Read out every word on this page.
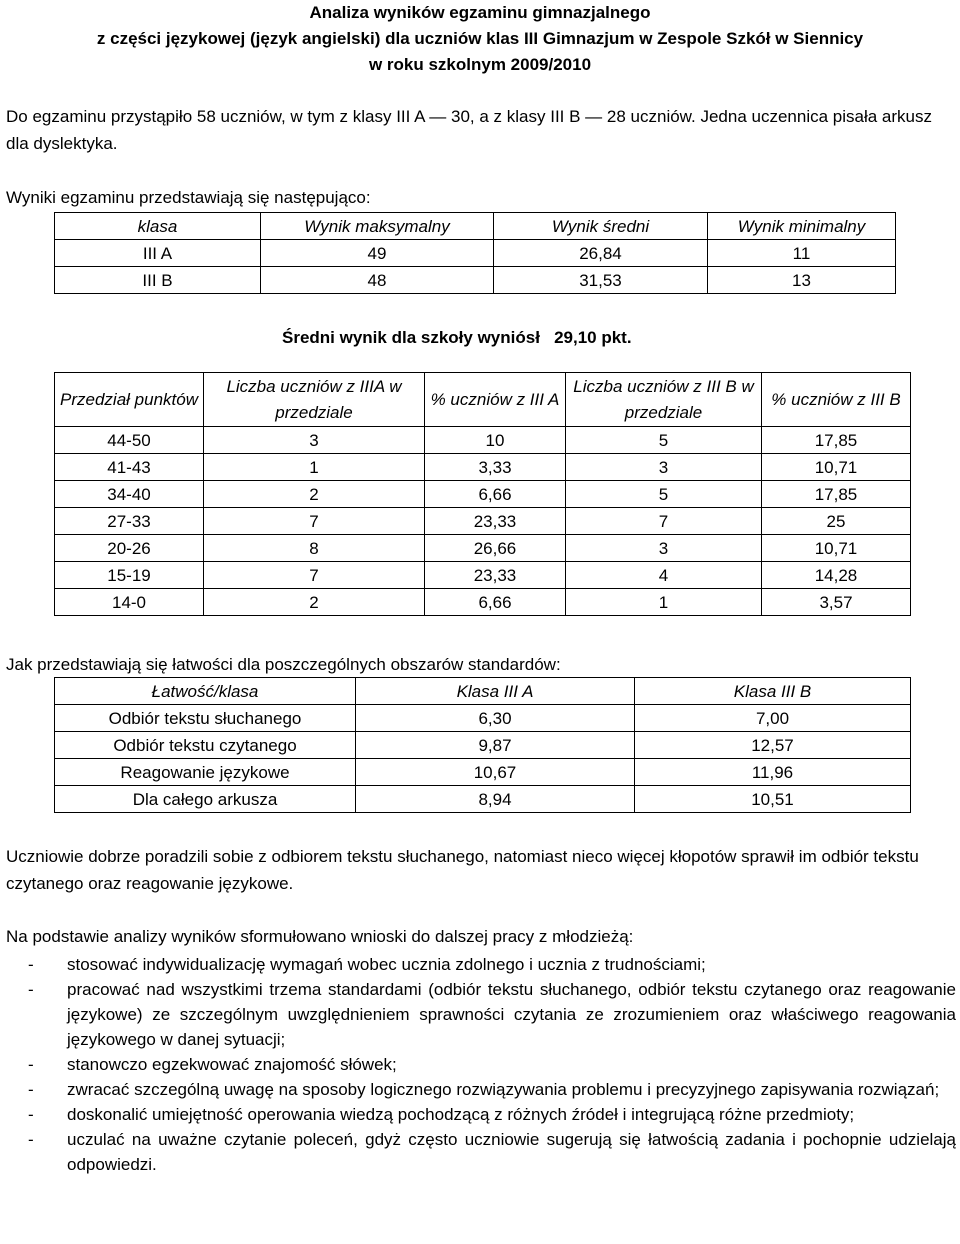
Analiza wyników egzaminu gimnazjalnego
z części językowej (język angielski) dla uczniów klas III Gimnazjum w Zespole Szkół w Siennicy
w roku szkolnym 2009/2010
Do egzaminu przystąpiło 58 uczniów, w tym z klasy III A — 30, a z klasy III B — 28 uczniów. Jedna uczennica pisała arkusz dla dyslektyka.
Wyniki egzaminu przedstawiają się następująco:
klasa	Wynik maksymalny	Wynik średni	Wynik minimalny
III A	49	26,84	11
III B	48	31,53	13
Średni wynik dla szkoły wyniósł   29,10 pkt.
Przedział punktów	Liczba uczniów z IIIA w przedziale	% uczniów z III A	Liczba uczniów z III B w przedziale	% uczniów z III B
44-50	3	10	5	17,85
41-43	1	3,33	3	10,71
34-40	2	6,66	5	17,85
27-33	7	23,33	7	25
20-26	8	26,66	3	10,71
15-19	7	23,33	4	14,28
14-0	2	6,66	1	3,57
Jak przedstawiają się łatwości dla poszczególnych obszarów standardów:
Łatwość/klasa	Klasa III A	Klasa III B
Odbiór tekstu słuchanego	6,30	7,00
Odbiór tekstu czytanego	9,87	12,57
Reagowanie językowe	10,67	11,96
Dla całego arkusza	8,94	10,51
Uczniowie dobrze poradzili sobie z odbiorem tekstu słuchanego, natomiast nieco więcej kłopotów sprawił im odbiór tekstu czytanego oraz reagowanie językowe.
Na podstawie analizy wyników sformułowano wnioski do dalszej pracy z młodzieżą:
- stosować indywidualizację wymagań wobec ucznia zdolnego i ucznia z trudnościami;
- pracować nad wszystkimi trzema standardami (odbiór tekstu słuchanego, odbiór tekstu czytanego oraz reagowanie językowe) ze szczególnym uwzględnieniem sprawności czytania ze zrozumieniem oraz właściwego reagowania językowego w danej sytuacji;
- stanowczo egzekwować znajomość słówek;
- zwracać szczególną uwagę na sposoby logicznego rozwiązywania problemu i precyzyjnego zapisywania rozwiązań;
- doskonalić umiejętność operowania wiedzą pochodzącą z różnych źródeł i integrującą różne przedmioty;
- uczulać na uważne czytanie poleceń, gdyż często uczniowie sugerują się łatwością zadania i pochopnie udzielają odpowiedzi.
